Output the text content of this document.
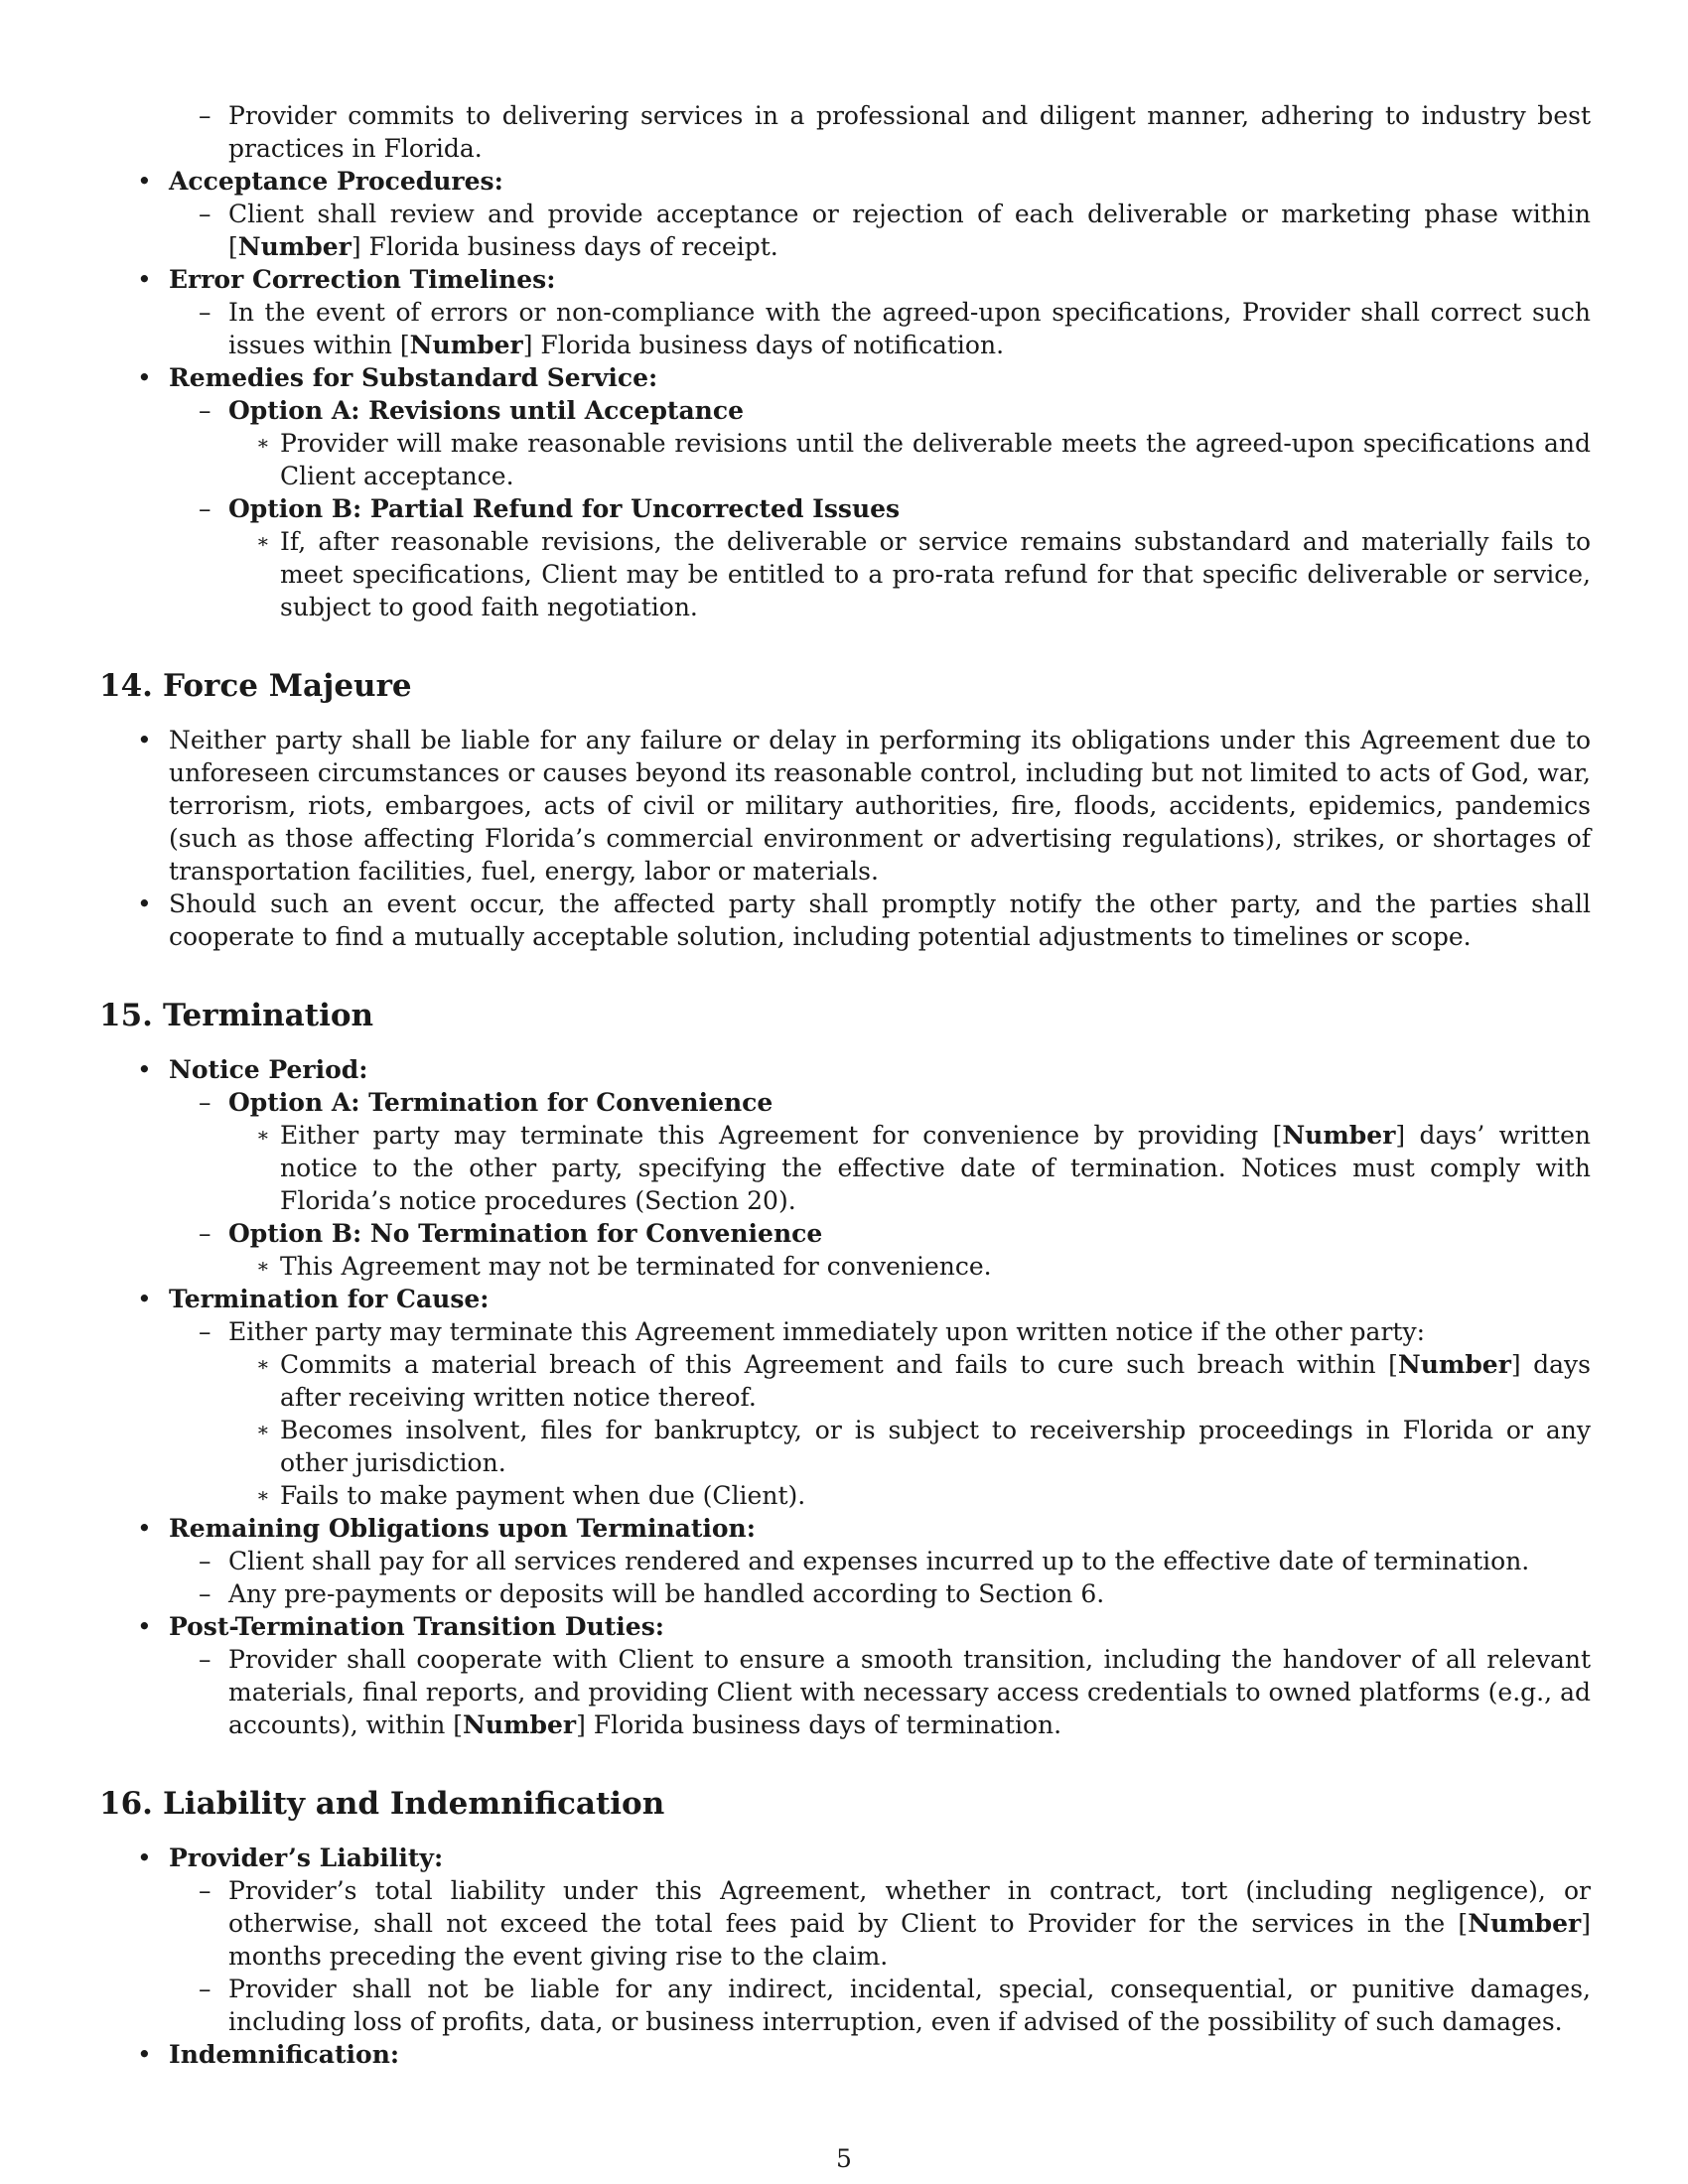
– Provider commits to delivering services in a professional and diligent manner, adhering to industry best practices in Florida.
• Acceptance Procedures:
– Client shall review and provide acceptance or rejection of each deliverable or marketing phase within [Number] Florida business days of receipt.
• Error Correction Timelines:
– In the event of errors or non-compliance with the agreed-upon specifications, Provider shall correct such issues within [Number] Florida business days of notification.
• Remedies for Substandard Service:
– Option A: Revisions until Acceptance
∗ Provider will make reasonable revisions until the deliverable meets the agreed-upon specifications and Client acceptance.
– Option B: Partial Refund for Uncorrected Issues
∗ If, after reasonable revisions, the deliverable or service remains substandard and materially fails to meet specifications, Client may be entitled to a pro-rata refund for that specific deliverable or service, subject to good faith negotiation.
14. Force Majeure
• Neither party shall be liable for any failure or delay in performing its obligations under this Agreement due to unforeseen circumstances or causes beyond its reasonable control, including but not limited to acts of God, war, terrorism, riots, embargoes, acts of civil or military authorities, fire, floods, accidents, epidemics, pandemics (such as those affecting Florida’s commercial environment or advertising regulations), strikes, or shortages of transportation facilities, fuel, energy, labor or materials.
• Should such an event occur, the affected party shall promptly notify the other party, and the parties shall cooperate to find a mutually acceptable solution, including potential adjustments to timelines or scope.
15. Termination
• Notice Period:
– Option A: Termination for Convenience
∗ Either party may terminate this Agreement for convenience by providing [Number] days’ written notice to the other party, specifying the effective date of termination. Notices must comply with Florida’s notice procedures (Section 20).
– Option B: No Termination for Convenience
∗ This Agreement may not be terminated for convenience.
• Termination for Cause:
– Either party may terminate this Agreement immediately upon written notice if the other party:
∗ Commits a material breach of this Agreement and fails to cure such breach within [Number] days after receiving written notice thereof.
∗ Becomes insolvent, files for bankruptcy, or is subject to receivership proceedings in Florida or any other jurisdiction.
∗ Fails to make payment when due (Client).
• Remaining Obligations upon Termination:
– Client shall pay for all services rendered and expenses incurred up to the effective date of termination.
– Any pre-payments or deposits will be handled according to Section 6.
• Post-Termination Transition Duties:
– Provider shall cooperate with Client to ensure a smooth transition, including the handover of all relevant materials, final reports, and providing Client with necessary access credentials to owned platforms (e.g., ad accounts), within [Number] Florida business days of termination.
16. Liability and Indemnification
• Provider’s Liability:
– Provider’s total liability under this Agreement, whether in contract, tort (including negligence), or otherwise, shall not exceed the total fees paid by Client to Provider for the services in the [Number] months preceding the event giving rise to the claim.
– Provider shall not be liable for any indirect, incidental, special, consequential, or punitive damages, including loss of profits, data, or business interruption, even if advised of the possibility of such damages.
• Indemnification:
5
